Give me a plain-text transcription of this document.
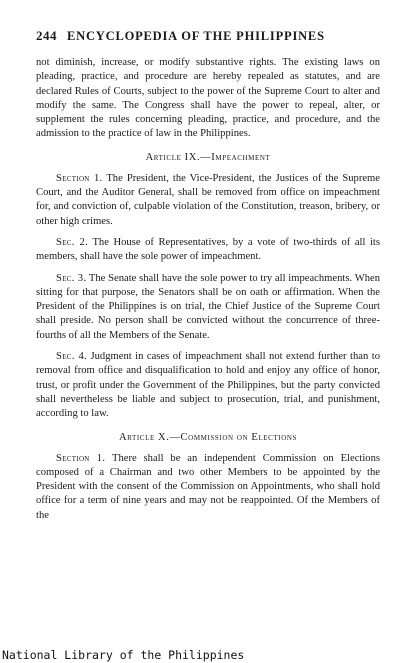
244 ENCYCLOPEDIA OF THE PHILIPPINES

not diminish, increase, or modify substantive rights. The existing laws on pleading, practice, and procedure are hereby repealed as statutes, and are declared Rules of Courts, subject to the power of the Supreme Court to alter and modify the same. The Congress shall have the power to repeal, alter, or supplement the rules concerning pleading, practice, and procedure, and the admission to the practice of law in the Philippines.

Article IX.—Impeachment

Section 1. The President, the Vice-President, the Justices of the Supreme Court, and the Auditor General, shall be removed from office on impeachment for, and conviction of, culpable violation of the Constitution, treason, bribery, or other high crimes.

Sec. 2. The House of Representatives, by a vote of two-thirds of all its members, shall have the sole power of impeachment.

Sec. 3. The Senate shall have the sole power to try all impeachments. When sitting for that purpose, the Senators shall be on oath or affirmation. When the President of the Philippines is on trial, the Chief Justice of the Supreme Court shall preside. No person shall be convicted without the concurrence of three-fourths of all the Members of the Senate.

Sec. 4. Judgment in cases of impeachment shall not extend further than to removal from office and disqualification to hold and enjoy any office of honor, trust, or profit under the Government of the Philippines, but the party convicted shall nevertheless be liable and subject to prosecution, trial, and punishment, according to law.

Article X.—Commission on Elections

Section 1. There shall be an independent Commission on Elections composed of a Chairman and two other Members to be appointed by the President with the consent of the Commission on Appointments, who shall hold office for a term of nine years and may not be reappointed. Of the Members of the

National Library of the Philippines
